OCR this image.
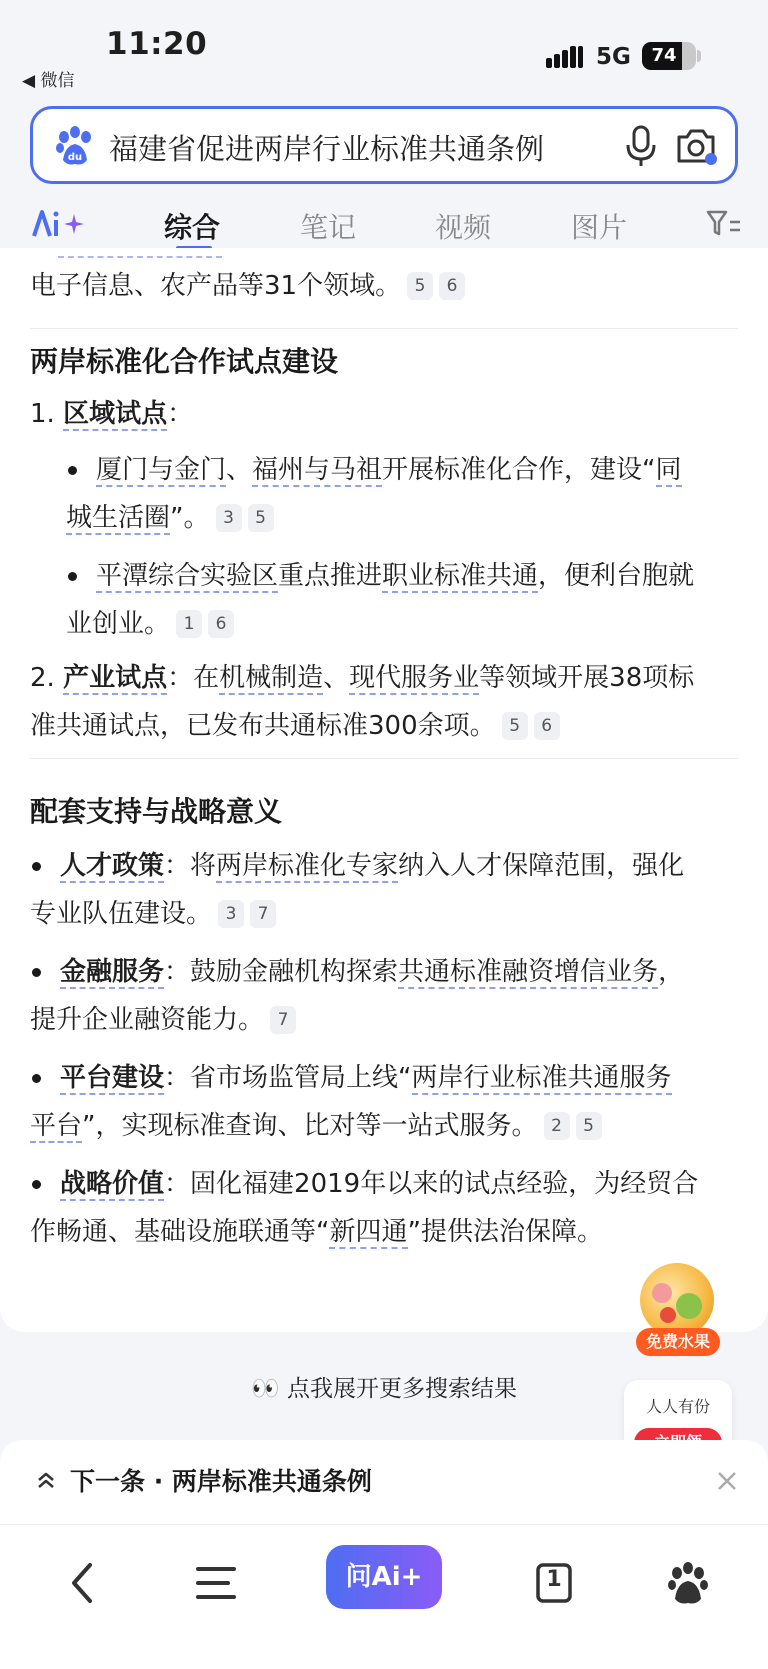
11:20
◀ 微信
5G	74
du 福建省促进两岸行业标准共通条例
综合	笔记	视频	图片
电子信息、农产品等31个领域。 5 6
两岸标准化合作试点建设
1. 区域试点：
厦门与金门、福州与马祖开展标准化合作，建设“同
城生活圈”。 3 5
平潭综合实验区重点推进职业标准共通，便利台胞就
业创业。 1 6
2. 产业试点：在机械制造、现代服务业等领域开展38项标
准共通试点，已发布共通标准300余项。 5 6
配套支持与战略意义
人才政策：将两岸标准化专家纳入人才保障范围，强化
专业队伍建设。 3 7
金融服务：鼓励金融机构探索共通标准融资增信业务，
提升企业融资能力。 7
平台建设：省市场监管局上线“两岸行业标准共通服务
平台”，实现标准查询、比对等一站式服务。 2 5
战略价值：固化福建2019年以来的试点经验，为经贸合
作畅通、基础设施联通等“新四通”提供法治保障。
免费水果
人人有份
👀 点我展开更多搜索结果
下一条 · 两岸标准共通条例
问Ai+	1
